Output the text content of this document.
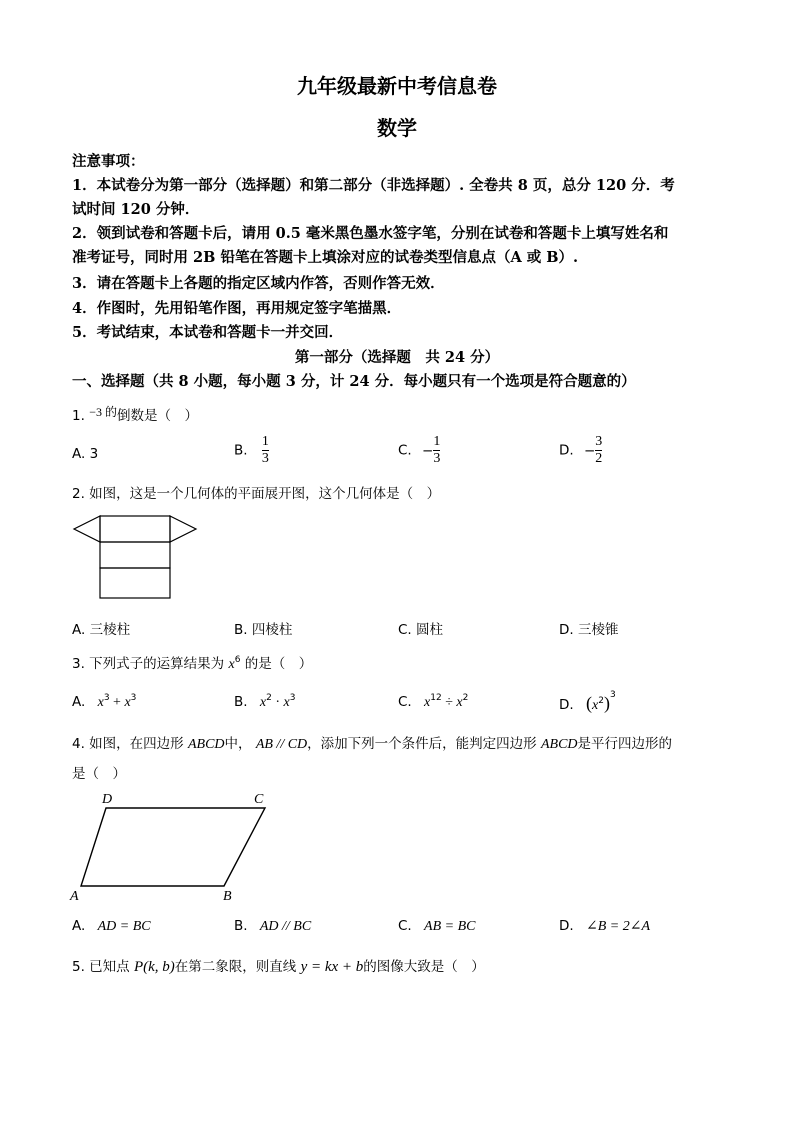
九年级最新中考信息卷
数学
注意事项：
1．本试卷分为第一部分（选择题）和第二部分（非选择题）. 全卷共 8 页，总分 120 分．考
试时间 120 分钟．
2．领到试卷和答题卡后，请用 0.5 毫米黑色墨水签字笔，分别在试卷和答题卡上填写姓名和
准考证号，同时用 2B 铅笔在答题卡上填涂对应的试卷类型信息点（A 或 B）.
3．请在答题卡上各题的指定区域内作答，否则作答无效．
4．作图时，先用铅笔作图，再用规定签字笔描黑．
5．考试结束，本试卷和答题卡一并交回．
第一部分（选择题　共 24 分）
一、选择题（共 8 小题，每小题 3 分，计 24 分．每小题只有一个选项是符合题意的）
1. −3 的倒数是（　）
A. 3	B. $\frac{1}{3}$	C. − $\frac{1}{3}$	D. − $\frac{3}{2}$
2. 如图，这是一个几何体的平面展开图，这个几何体是（　）
A. 三棱柱	B. 四棱柱	C. 圆柱	D. 三棱锥
3. 下列式子的运算结果为 $x^6$ 的是（　）
A. $x^3 + x^3$	B. $x^2 \cdot x^3$	C. $x^{12} \div x^2$	D. $(x^2)^3$
4. 如图，在四边形 ABCD中， AB // CD，添加下列一个条件后，能判定四边形 ABCD是平行四边形的
是（　）
D	C
A	B
A. AD = BC	B. AD // BC	C. AB = BC	D. ∠B = 2∠A
5. 已知点 P(k, b)在第二象限，则直线 y = kx + b的图像大致是（　）
